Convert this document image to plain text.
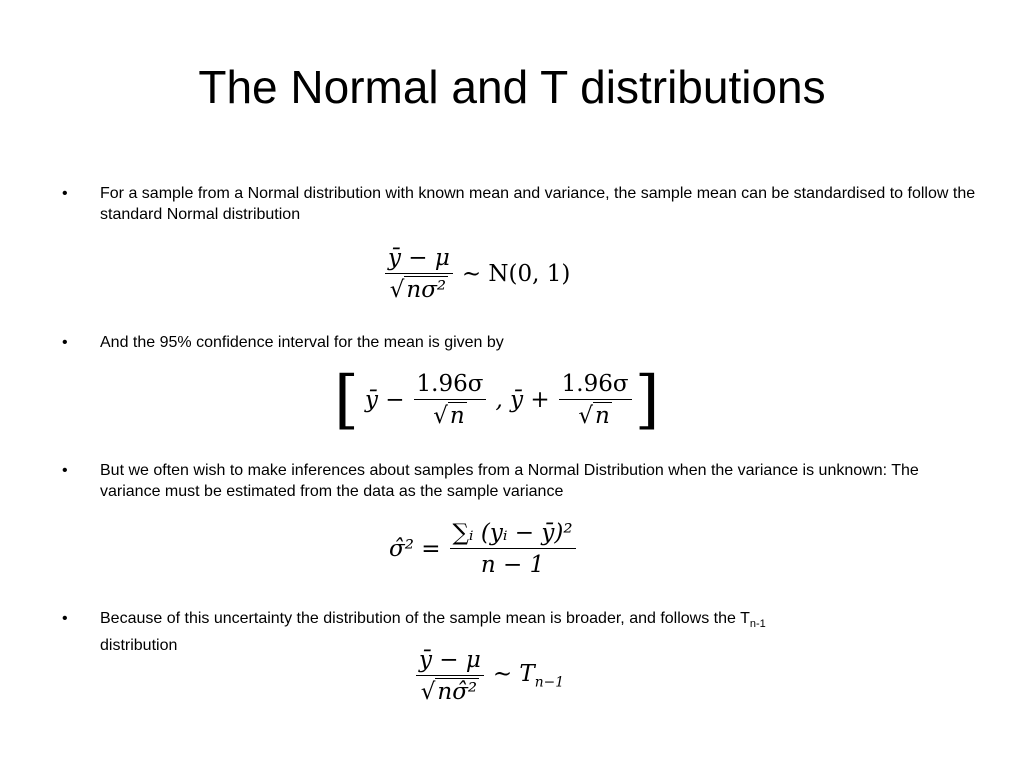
The Normal and T distributions
• For a sample from a Normal distribution with known mean and variance, the sample mean can be standardised to follow the standard Normal distribution
$\frac{ȳ - \mu}{\text{√nσ²}}$ ∼ N(0, 1)
• And the 95% confidence interval for the mean is given by
[ ȳ − $\frac{1.96\sigma}{√n}$ , ȳ + $\frac{1.96\sigma}{√n}$ ]
• But we often wish to make inferences about samples from a Normal Distribution when the variance is unknown: The variance must be estimated from the data as the sample variance
σ̂² = $\frac{\text{∑ᵢ (yᵢ − ȳ)²}}{n - 1}$
• Because of this uncertainty the distribution of the sample mean is broader, and follows the $T_{n-1}$
distribution
$\frac{ȳ - \mu}{\text{√nσ̂²}}$ ∼ $T_{n-1}$
